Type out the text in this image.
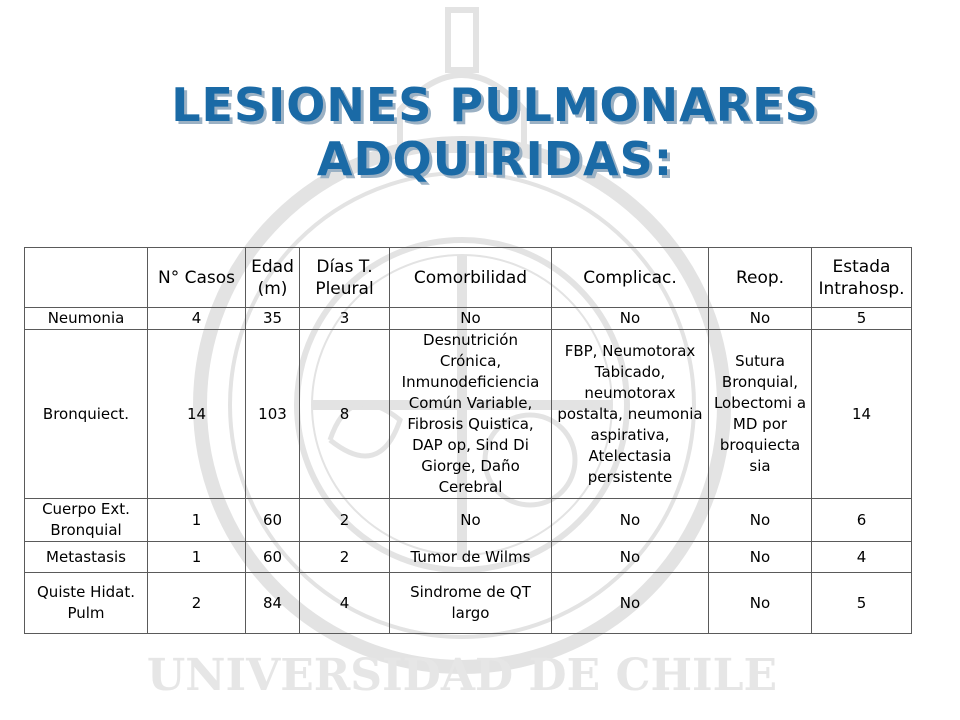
UNIVERSIDAD DE CHILE
LESIONES PULMONARES
ADQUIRIDAS:
	N° Casos	Edad (m)	Días T. Pleural	Comorbilidad	Complicac.	Reop.	Estada Intrahosp.
Neumonia	4	35	3	No	No	No	5
Bronquiect.	14	103	8	Desnutrición Crónica, Inmunodeficiencia Común Variable, Fibrosis Quistica, DAP op, Sind Di Giorge, Daño Cerebral	FBP, Neumotorax Tabicado, neumotorax postalta, neumonia aspirativa, Atelectasia persistente	Sutura Bronquial, Lobectomi a MD por broquiecta sia	14
Cuerpo Ext. Bronquial	1	60	2	No	No	No	6
Metastasis	1	60	2	Tumor de Wilms	No	No	4
Quiste Hidat. Pulm	2	84	4	Sindrome de QT largo	No	No	5
